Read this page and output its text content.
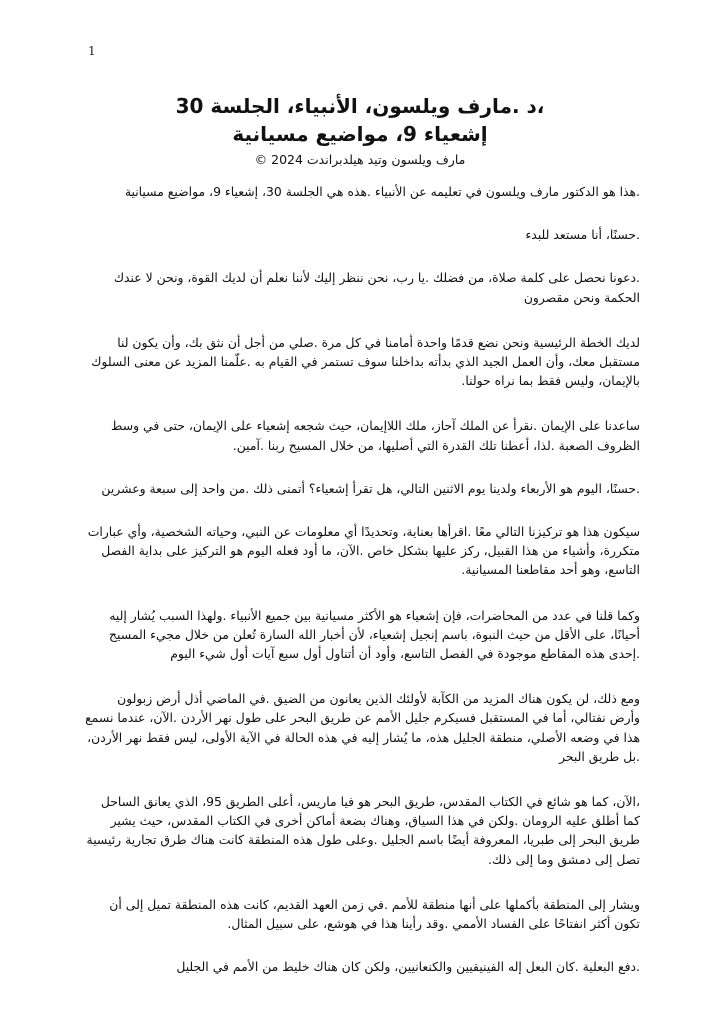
1
،د .مارف ويلسون، الأنبياء، الجلسة 30
إشعياء 9، مواضيع مسيانية
مارف ويلسون وتيد هيلدبراندت 2024 ©

.هذا هو الدكتور مارف ويلسون في تعليمه عن الأنبياء .هذه هي الجلسة 30، إشعياء 9، مواضيع مسيانية

.حسنًا، أنا مستعد للبدء

.دعونا نحصل على كلمة صلاة، من فضلك .يا رب، نحن ننظر إليك لأننا نعلم أن لديك القوة، ونحن لا عندك الحكمة ونحن مقصرون

لديك الخطة الرئيسية ونحن نضع قدمًا واحدة أمامنا في كل مرة .صلي من أجل أن نثق بك، وأن يكون لنا مستقبل معك، وأن العمل الجيد الذي بدأته بداخلنا سوف تستمر في القيام به .علّمنا المزيد عن معنى السلوك بالإيمان، وليس فقط بما نراه حولنا.

ساعدنا على الإيمان .نقرأ عن الملك آحاز، ملك اللاإيمان، حيث شجعه إشعياء على الإيمان، حتى في وسط الظروف الصعبة .لذا، أعطنا تلك القدرة التي أصليها، من خلال المسيح ربنا .آمين.

.حسنًا، اليوم هو الأربعاء ولدينا يوم الاثنين التالي، هل تقرأ إشعياء؟ أتمنى ذلك .من واحد إلى سبعة وعشرين

سيكون هذا هو تركيزنا التالي معًا .اقرأها بعناية، وتحديدًا أي معلومات عن النبي، وحياته الشخصية، وأي عبارات متكررة، وأشياء من هذا القبيل، ركز عليها بشكل خاص .الآن، ما أود فعله اليوم هو التركيز على بداية الفصل التاسع، وهو أحد مقاطعنا المسيانية.

وكما قلنا في عدد من المحاضرات، فإن إشعياء هو الأكثر مسيانية بين جميع الأنبياء .ولهذا السبب يُشار إليه أحيانًا، على الأقل من حيث النبوة، باسم إنجيل إشعياء، لأن أخبار الله السارة تُعلن من خلال مجيء المسيح .إحدى هذه المقاطع موجودة في الفصل التاسع، وأود أن أتناول أول سبع آيات أول شيء اليوم

ومع ذلك، لن يكون هناك المزيد من الكآبة لأولئك الذين يعانون من الضيق .في الماضي أذل أرض زبولون وأرض نفتالي، أما في المستقبل فسيكرم جليل الأمم عن طريق البحر على طول نهر الأردن .الآن، عندما نسمع هذا في وضعه الأصلي، منطقة الجليل هذه، ما يُشار إليه في هذه الحالة في الآية الأولى، ليس فقط نهر الأردن، .بل طريق البحر

،الآن، كما هو شائع في الكتاب المقدس، طريق البحر هو فيا ماريس، أعلى الطريق 95، الذي يعانق الساحل كما أطلق عليه الرومان .ولكن في هذا السياق، وهناك بضعة أماكن أخرى في الكتاب المقدس، حيث يشير طريق البحر إلى طبريا، المعروفة أيضًا باسم الجليل .وعلى طول هذه المنطقة كانت هناك طرق تجارية رئيسية تصل إلى دمشق وما إلى ذلك.

ويشار إلى المنطقة بأكملها على أنها منطقة للأمم .في زمن العهد القديم، كانت هذه المنطقة تميل إلى أن تكون أكثر انفتاحًا على الفساد الأممي .وقد رأينا هذا في هوشع، على سبيل المثال.

.دفع البعلية .كان البعل إله الفينيقيين والكنعانيين، ولكن كان هناك خليط من الأمم في الجليل
